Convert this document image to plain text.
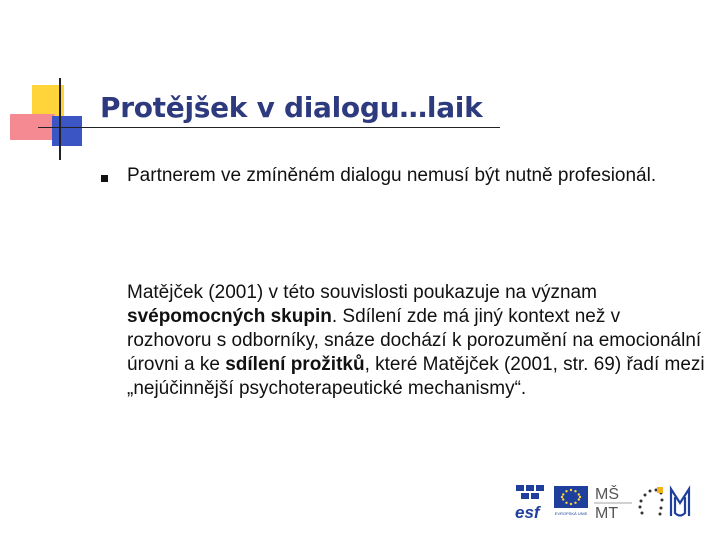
Protějšek v dialogu…laik

Partnerem ve zmíněném dialogu nemusí být nutně profesionál.

Matějček (2001) v této souvislosti poukazuje na význam svépomocných skupin. Sdílení zde má jiný kontext než v rozhovoru s odborníky, snáze dochází k porozumění na emocionální úrovni a ke sdílení prožitků, které Matějček (2001, str. 69) řadí mezi „nejúčinnější psychoterapeutické mechanismy“.

esf	EVROPSKÁ UNIE
MŠ
MT
